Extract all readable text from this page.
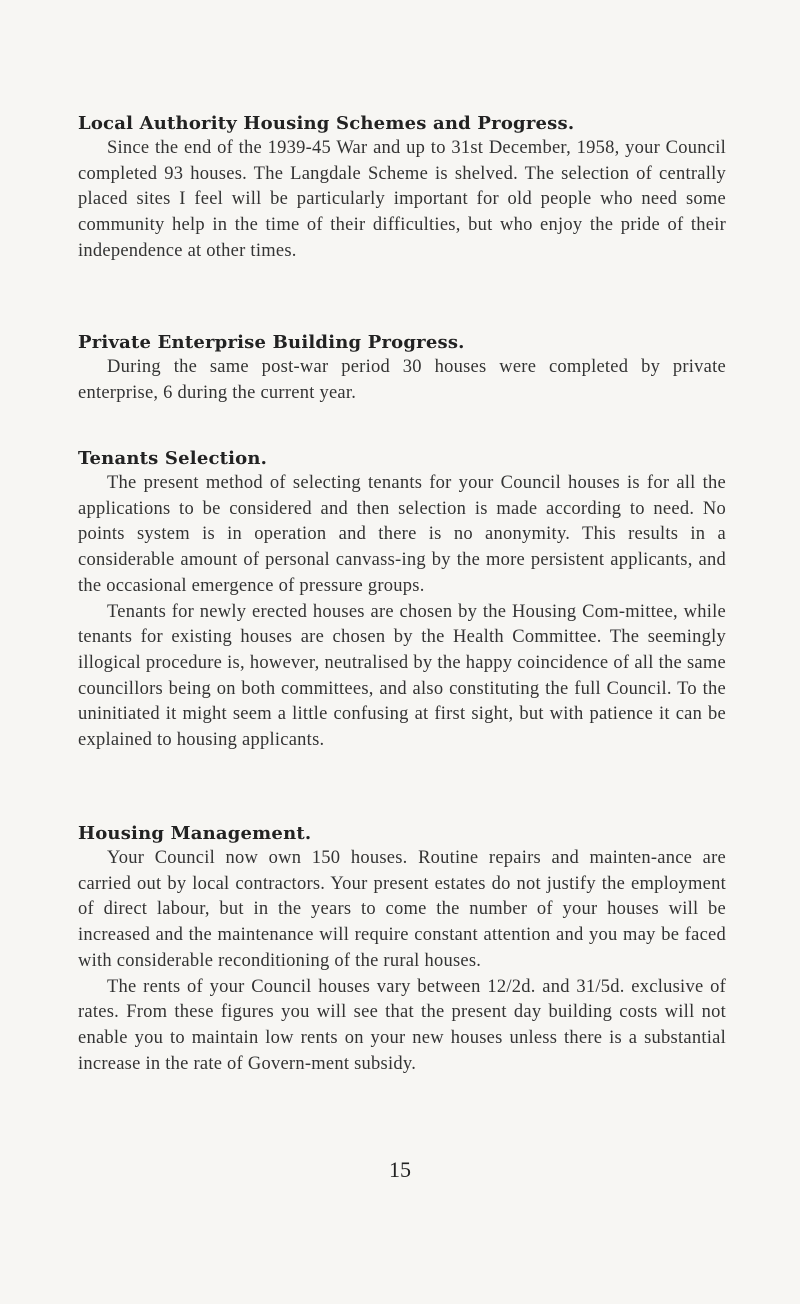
Local Authority Housing Schemes and Progress.

Since the end of the 1939-45 War and up to 31st December, 1958, your Council completed 93 houses. The Langdale Scheme is shelved. The selection of centrally placed sites I feel will be particularly important for old people who need some community help in the time of their difficulties, but who enjoy the pride of their independence at other times.

Private Enterprise Building Progress.

During the same post-war period 30 houses were completed by private enterprise, 6 during the current year.

Tenants Selection.

The present method of selecting tenants for your Council houses is for all the applications to be considered and then selection is made according to need. No points system is in operation and there is no anonymity. This results in a considerable amount of personal canvass-ing by the more persistent applicants, and the occasional emergence of pressure groups.

Tenants for newly erected houses are chosen by the Housing Com-mittee, while tenants for existing houses are chosen by the Health Committee. The seemingly illogical procedure is, however, neutralised by the happy coincidence of all the same councillors being on both committees, and also constituting the full Council. To the uninitiated it might seem a little confusing at first sight, but with patience it can be explained to housing applicants.

Housing Management.

Your Council now own 150 houses. Routine repairs and mainten-ance are carried out by local contractors. Your present estates do not justify the employment of direct labour, but in the years to come the number of your houses will be increased and the maintenance will require constant attention and you may be faced with considerable reconditioning of the rural houses.

The rents of your Council houses vary between 12/2d. and 31/5d. exclusive of rates. From these figures you will see that the present day building costs will not enable you to maintain low rents on your new houses unless there is a substantial increase in the rate of Govern-ment subsidy.

15
